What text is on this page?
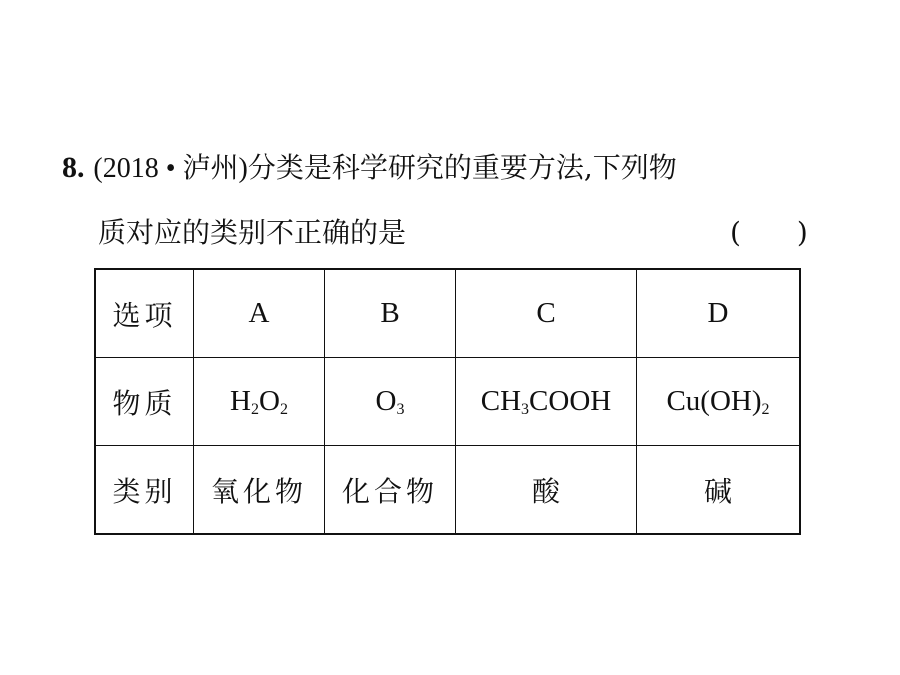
8. (2018 • 泸州)分类是科学研究的重要方法,下列物
质对应的类别不正确的是	(　　)
选项	A	B	C	D
物质	$H_2O_2$	$O_3$	$CH_3COOH$	$Cu(OH)_2$
类别	氧化物	化合物	酸	碱
